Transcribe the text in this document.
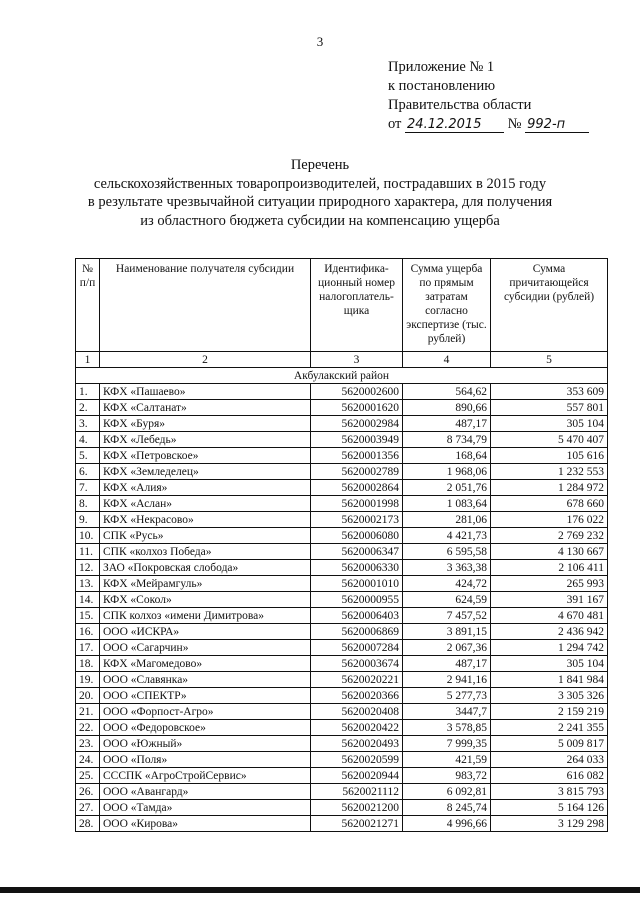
3
Приложение № 1
к постановлению
Правительства области
от 24.12.2015 № 992-п
Перечень
сельскохозяйственных товаропроизводителей, пострадавших в 2015 году
в результате чрезвычайной ситуации природного характера, для получения
из областного бюджета субсидии на компенсацию ущерба
№ п/п	Наименование получателя субсидии	Идентифика-ционный номер налогоплатель-щика	Сумма ущерба по прямым затратам согласно экспертизе (тыс. рублей)	Сумма причитающейся субсидии (рублей)
1	2	3	4	5
Акбулакский район				
1.	КФХ «Пашаево»	5620002600	564,62	353 609
2.	КФХ «Салтанат»	5620001620	890,66	557 801
3.	КФХ «Буря»	5620002984	487,17	305 104
4.	КФХ «Лебедь»	5620003949	8 734,79	5 470 407
5.	КФХ «Петровское»	5620001356	168,64	105 616
6.	КФХ «Земледелец»	5620002789	1 968,06	1 232 553
7.	КФХ «Алия»	5620002864	2 051,76	1 284 972
8.	КФХ «Аслан»	5620001998	1 083,64	678 660
9.	КФХ «Некрасово»	5620002173	281,06	176 022
10.	СПК «Русь»	5620006080	4 421,73	2 769 232
11.	СПК «колхоз Победа»	5620006347	6 595,58	4 130 667
12.	ЗАО «Покровская слобода»	5620006330	3 363,38	2 106 411
13.	КФХ «Мейрамгуль»	5620001010	424,72	265 993
14.	КФХ «Сокол»	5620000955	624,59	391 167
15.	СПК колхоз «имени Димитрова»	5620006403	7 457,52	4 670 481
16.	ООО «ИСКРА»	5620006869	3 891,15	2 436 942
17.	ООО «Сагарчин»	5620007284	2 067,36	1 294 742
18.	КФХ «Магомедово»	5620003674	487,17	305 104
19.	ООО «Славянка»	5620020221	2 941,16	1 841 984
20.	ООО «СПЕКТР»	5620020366	5 277,73	3 305 326
21.	ООО «Форпост-Агро»	5620020408	3447,7	2 159 219
22.	ООО «Федоровское»	5620020422	3 578,85	2 241 355
23.	ООО «Южный»	5620020493	7 999,35	5 009 817
24.	ООО «Поля»	5620020599	421,59	264 033
25.	СССПК «АгроСтройСервис»	5620020944	983,72	616 082
26.	ООО «Авангард»	5620021112	6 092,81	3 815 793
27.	ООО «Тамда»	5620021200	8 245,74	5 164 126
28.	ООО «Кирова»	5620021271	4 996,66	3 129 298
